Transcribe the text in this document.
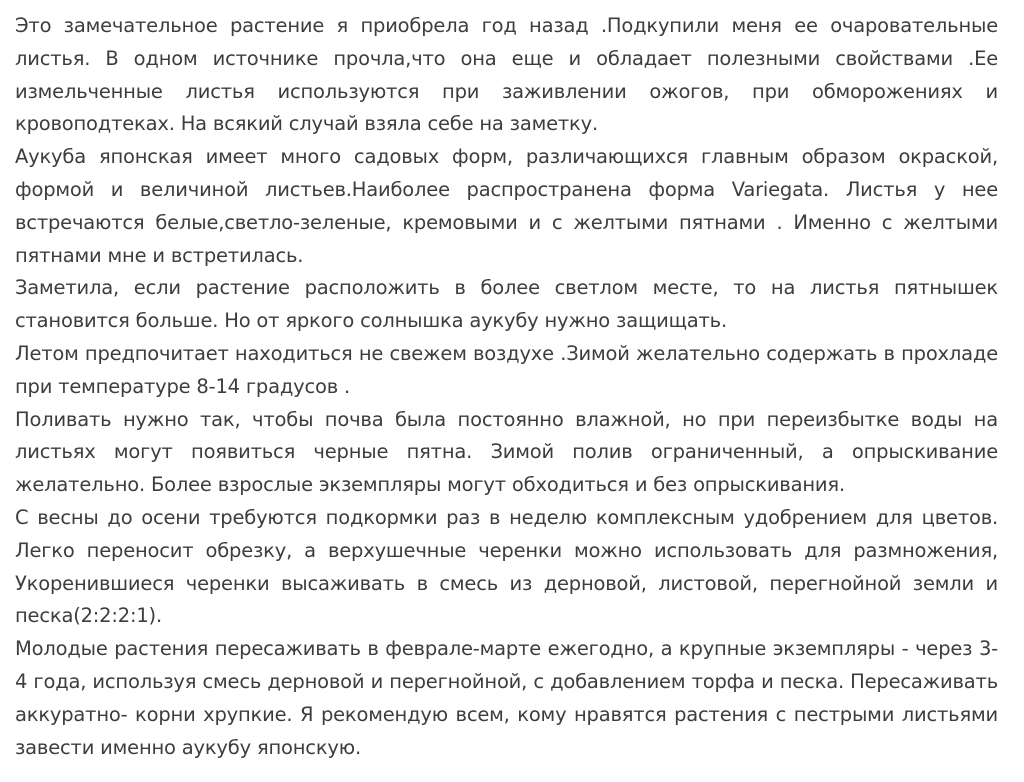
Это замечательное растение я приобрела год назад .Подкупили меня ее очаровательные листья. В одном источнике прочла,что она еще и обладает полезными свойствами .Ее измельченные листья используются при заживлении ожогов, при обморожениях и кровоподтеках. На всякий случай взяла себе на заметку.

Аукуба японская имеет много садовых форм, различающихся главным образом окраской, формой и величиной листьев.Наиболее распространена форма Variegata. Листья у нее встречаются белые,светло-зеленые, кремовыми и с желтыми пятнами . Именно с желтыми пятнами мне и встретилась.

Заметила, если растение расположить в более светлом месте, то на листья пятнышек становится больше. Но от яркого солнышка аукубу нужно защищать.

Летом предпочитает находиться не свежем воздухе .Зимой желательно содержать в прохладе при температуре 8-14 градусов .

Поливать нужно так, чтобы почва была постоянно влажной, но при переизбытке воды на листьях могут появиться черные пятна. Зимой полив ограниченный, а опрыскивание желательно. Более взрослые экземпляры могут обходиться и без опрыскивания.

С весны до осени требуются подкормки раз в неделю комплексным удобрением для цветов. Легко переносит обрезку, а верхушечные черенки можно использовать для размножения, Укоренившиеся черенки высаживать в смесь из дерновой, листовой, перегнойной земли и песка(2:2:2:1).

Молодые растения пересаживать в феврале-марте ежегодно, а крупные экземпляры - через 3-4 года, используя смесь дерновой и перегнойной, с добавлением торфа и песка. Пересаживать аккуратно- корни хрупкие. Я рекомендую всем, кому нравятся растения с пестрыми листьями завести именно аукубу японскую.
